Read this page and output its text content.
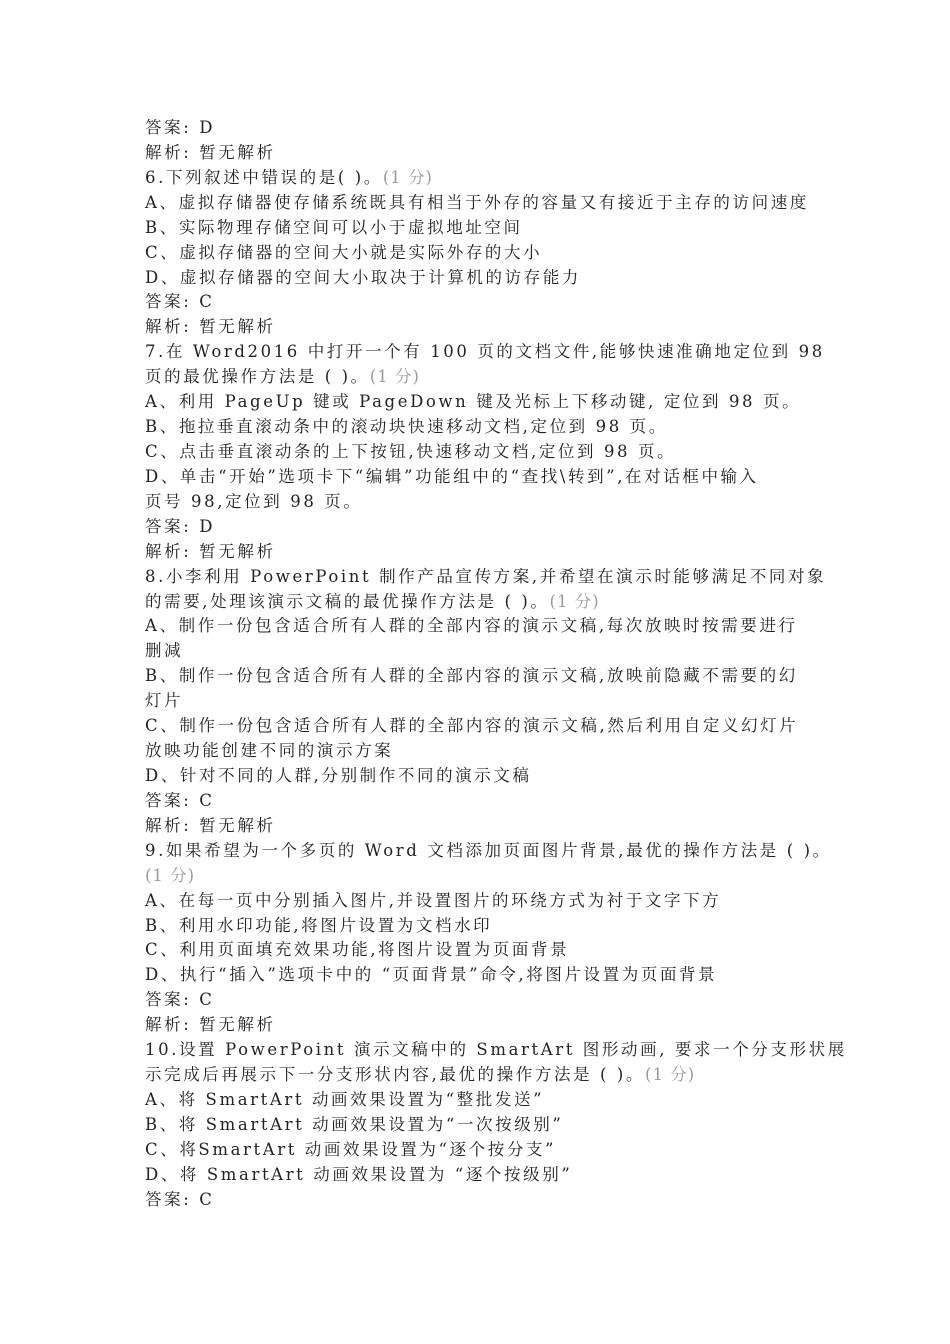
答案: D
解析: 暂无解析
6.下列叙述中错误的是( )。(1 分)
A、虚拟存储器使存储系统既具有相当于外存的容量又有接近于主存的访问速度
B、实际物理存储空间可以小于虚拟地址空间
C、虚拟存储器的空间大小就是实际外存的大小
D、虚拟存储器的空间大小取决于计算机的访存能力
答案: C
解析: 暂无解析
7.在 Word2016 中打开一个有 100 页的文档文件,能够快速准确地定位到 98
页的最优操作方法是 ( )。(1 分)
A、利用 PageUp 键或 PageDown 键及光标上下移动键, 定位到 98 页。
B、拖拉垂直滚动条中的滚动块快速移动文档,定位到 98 页。
C、点击垂直滚动条的上下按钮,快速移动文档,定位到 98 页。
D、单击“开始”选项卡下“编辑”功能组中的“查找\转到”,在对话框中输入
页号 98,定位到 98 页。
答案: D
解析: 暂无解析
8.小李利用 PowerPoint 制作产品宣传方案,并希望在演示时能够满足不同对象
的需要,处理该演示文稿的最优操作方法是 ( )。(1 分)
A、制作一份包含适合所有人群的全部内容的演示文稿,每次放映时按需要进行
删减
B、制作一份包含适合所有人群的全部内容的演示文稿,放映前隐藏不需要的幻
灯片
C、制作一份包含适合所有人群的全部内容的演示文稿,然后利用自定义幻灯片
放映功能创建不同的演示方案
D、针对不同的人群,分别制作不同的演示文稿
答案: C
解析: 暂无解析
9.如果希望为一个多页的 Word 文档添加页面图片背景,最优的操作方法是 ( )。
(1 分)
A、在每一页中分别插入图片,并设置图片的环绕方式为衬于文字下方
B、利用水印功能,将图片设置为文档水印
C、利用页面填充效果功能,将图片设置为页面背景
D、执行“插入”选项卡中的 “页面背景”命令,将图片设置为页面背景
答案: C
解析: 暂无解析
10.设置 PowerPoint 演示文稿中的 SmartArt 图形动画, 要求一个分支形状展
示完成后再展示下一分支形状内容,最优的操作方法是 ( )。(1 分)
A、将 SmartArt 动画效果设置为“整批发送”
B、将 SmartArt 动画效果设置为“一次按级别”
C、将SmartArt 动画效果设置为“逐个按分支”
D、将 SmartArt 动画效果设置为 “逐个按级别”
答案: C
